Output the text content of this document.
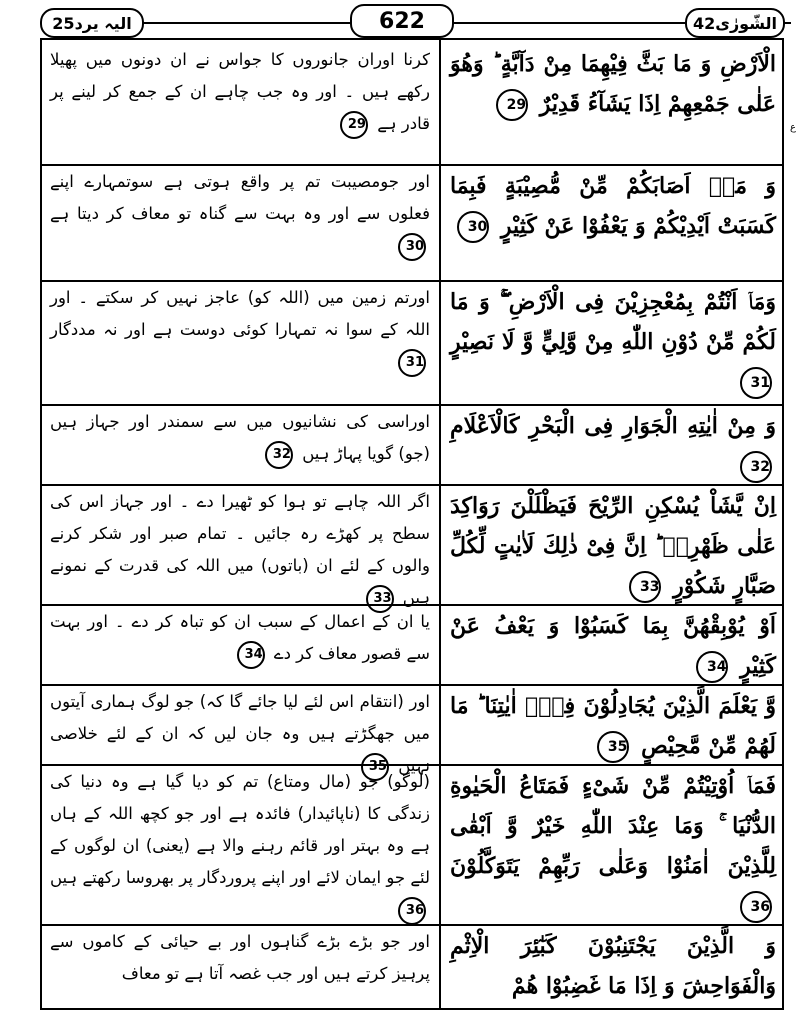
الیہ یرد25	622	الشّورٰی42
ع
الْاَرْضِ وَ مَا بَثَّ فِيْهِمَا مِنْ دَآبَّةٍ ؕ وَهُوَ عَلٰى جَمْعِهِمْ اِذَا يَشَآءُ قَدِيْرٌ 29
کرنا اوران جانوروں کا جواس نے ان دونوں میں پھیلا رکھے ہیں ۔ اور وہ جب چاہے ان کے جمع کر لینے پر قادر ہے 29
وَ مَاۤ اَصَابَكُمْ مِّنْ مُّصِيْبَةٍ فَبِمَا كَسَبَتْ اَيْدِيْكُمْ وَ يَعْفُوْا عَنْ كَثِيْرٍ 30
اور جومصیبت تم پر واقع ہوتی ہے سوتمہارے اپنے فعلوں سے اور وہ بہت سے گناہ تو معاف کر دیتا ہے 30
وَمَاۤ اَنْتُمْ بِمُعْجِزِيْنَ فِى الْاَرْضِ ۖۚ وَ مَا لَكُمْ مِّنْ دُوْنِ اللّٰهِ مِنْ وَّلِيٍّ وَّ لَا نَصِيْرٍ 31
اورتم زمین میں (اللہ کو) عاجز نہیں کر سکتے ۔ اور اللہ کے سوا نہ تمہارا کوئی دوست ہے اور نہ مددگار 31
وَ مِنْ اٰيٰتِهِ الْجَوَارِ فِى الْبَحْرِ كَالْاَعْلَامِ 32
اوراسی کی نشانیوں میں سے سمندر اور جہاز ہیں (جو) گویا پہاڑ ہیں 32
اِنْ يَّشَاْ يُسْكِنِ الرِّيْحَ فَيَظْلَلْنَ رَوَاكِدَ عَلٰى ظَهْرِهٖ ؕ اِنَّ فِىْ ذٰلِكَ لَاٰيٰتٍ لِّكُلِّ صَبَّارٍ شَكُوْرٍ 33
اگر اللہ چاہے تو ہوا کو ٹھیرا دے ۔ اور جہاز اس کی سطح پر کھڑے رہ جائیں ۔ تمام صبر اور شکر کرنے والوں کے لئے ان (باتوں) میں اللہ کی قدرت کے نمونے ہیں 33
اَوْ يُوْبِقْهُنَّ بِمَا كَسَبُوْا وَ يَعْفُ عَنْ كَثِيْرٍ 34
یا ان کے اعمال کے سبب ان کو تباہ کر دے ۔ اور بہت سے قصور معاف کر دے 34
وَّ يَعْلَمَ الَّذِيْنَ يُجَادِلُوْنَ فِىْۤ اٰيٰتِنَا ؕ مَا لَهُمْ مِّنْ مَّحِيْصٍ 35
اور (انتقام اس لئے لیا جائے گا کہ) جو لوگ ہماری آیتوں میں جھگڑتے ہیں وہ جان لیں کہ ان کے لئے خلاصی نہیں 35
فَمَاۤ اُوْتِيْتُمْ مِّنْ شَىْءٍ فَمَتَاعُ الْحَيٰوةِ الدُّنْيَا ۚ وَمَا عِنْدَ اللّٰهِ خَيْرٌ وَّ اَبْقٰى لِلَّذِيْنَ اٰمَنُوْا وَعَلٰى رَبِّهِمْ يَتَوَكَّلُوْنَ 36
(لوگو) جو (مال ومتاع) تم کو دیا گیا ہے وہ دنیا کی زندگی کا (ناپائیدار) فائدہ ہے اور جو کچھ اللہ کے ہاں ہے وہ بہتر اور قائم رہنے والا ہے (یعنی) ان لوگوں کے لئے جو ایمان لائے اور اپنے پروردگار پر بھروسا رکھتے ہیں 36
وَ الَّذِيْنَ يَجْتَنِبُوْنَ كَبٰٓئِرَ الْاِثْمِ وَالْفَوَاحِشَ وَ اِذَا مَا غَضِبُوْا هُمْ
اور جو بڑے بڑے گناہوں اور بے حیائی کے کاموں سے پرہیز کرتے ہیں اور جب غصہ آتا ہے تو معاف
